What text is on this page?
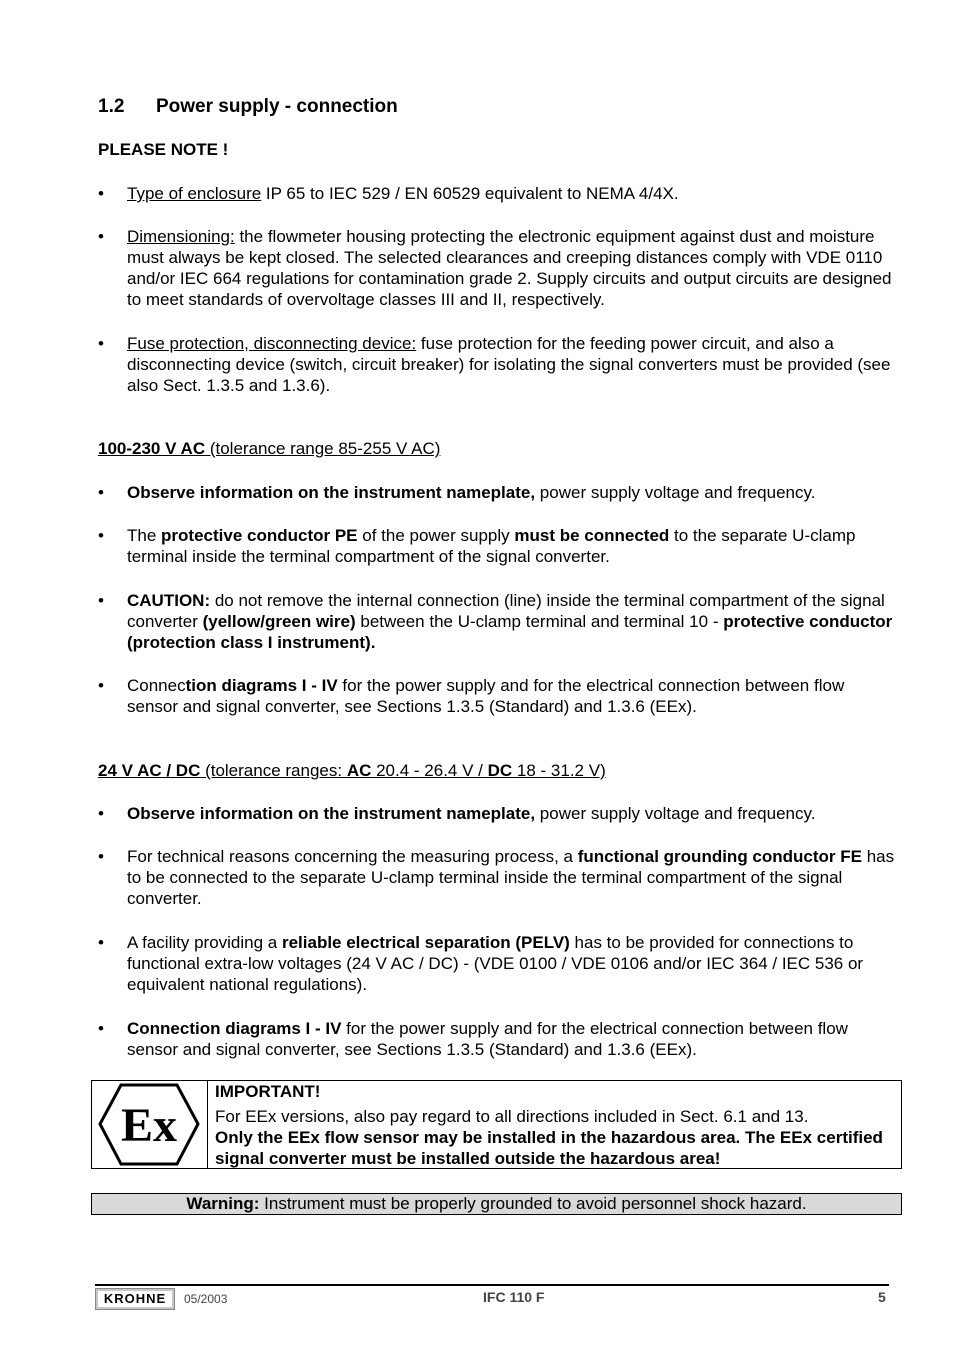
1.2 Power supply - connection
PLEASE NOTE !
• Type of enclosure IP 65 to IEC 529 / EN 60529 equivalent to NEMA 4/4X.
• Dimensioning: the flowmeter housing protecting the electronic equipment against dust and moisture must always be kept closed. The selected clearances and creeping distances comply with VDE 0110 and/or IEC 664 regulations for contamination grade 2. Supply circuits and output circuits are designed to meet standards of overvoltage classes III and II, respectively.
• Fuse protection, disconnecting device: fuse protection for the feeding power circuit, and also a disconnecting device (switch, circuit breaker) for isolating the signal converters must be provided (see also Sect. 1.3.5 and 1.3.6).
100-230 V AC (tolerance range 85-255 V AC)
• Observe information on the instrument nameplate, power supply voltage and frequency.
• The protective conductor PE of the power supply must be connected to the separate U-clamp terminal inside the terminal compartment of the signal converter.
• CAUTION: do not remove the internal connection (line) inside the terminal compartment of the signal converter (yellow/green wire) between the U-clamp terminal and terminal 10 - protective conductor (protection class I instrument).
• Connection diagrams I - IV for the power supply and for the electrical connection between flow sensor and signal converter, see Sections 1.3.5 (Standard) and 1.3.6 (EEx).
24 V AC / DC (tolerance ranges: AC 20.4 - 26.4 V / DC 18 - 31.2 V)
• Observe information on the instrument nameplate, power supply voltage and frequency.
• For technical reasons concerning the measuring process, a functional grounding conductor FE has to be connected to the separate U-clamp terminal inside the terminal compartment of the signal converter.
• A facility providing a reliable electrical separation (PELV) has to be provided for connections to functional extra-low voltages (24 V AC / DC) - (VDE 0100 / VDE 0106 and/or IEC 364 / IEC 536 or equivalent national regulations).
• Connection diagrams I - IV for the power supply and for the electrical connection between flow sensor and signal converter, see Sections 1.3.5 (Standard) and 1.3.6 (EEx).
Ex
IMPORTANT!
For EEx versions, also pay regard to all directions included in Sect. 6.1 and 13.
Only the EEx flow sensor may be installed in the hazardous area. The EEx certified signal converter must be installed outside the hazardous area!
Warning: Instrument must be properly grounded to avoid personnel shock hazard.
KROHNE	05/2003	IFC 110 F	5
